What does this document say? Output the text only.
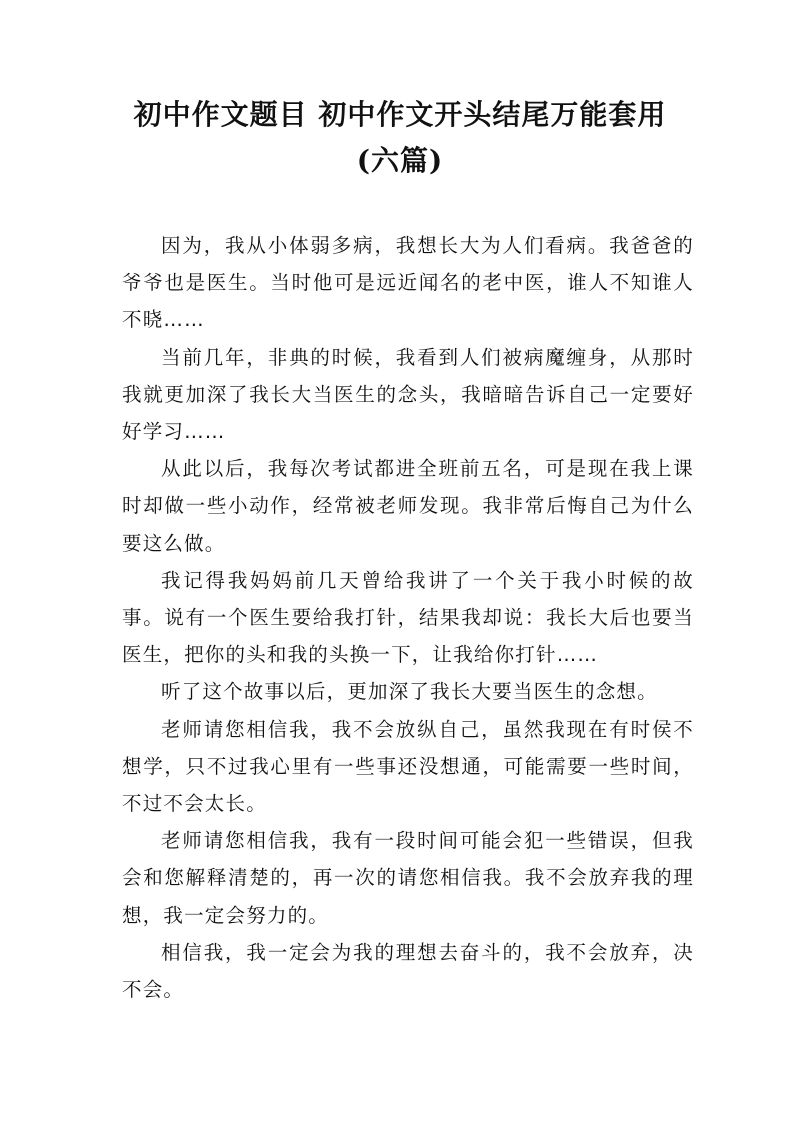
初中作文题目 初中作文开头结尾万能套用
(六篇)

因为，我从小体弱多病，我想长大为人们看病。我爸爸的爷爷也是医生。当时他可是远近闻名的老中医，谁人不知谁人不晓……

当前几年，非典的时候，我看到人们被病魔缠身，从那时我就更加深了我长大当医生的念头，我暗暗告诉自己一定要好好学习……

从此以后，我每次考试都进全班前五名，可是现在我上课时却做一些小动作，经常被老师发现。我非常后悔自己为什么要这么做。

我记得我妈妈前几天曾给我讲了一个关于我小时候的故事。说有一个医生要给我打针，结果我却说：我长大后也要当医生，把你的头和我的头换一下，让我给你打针……

听了这个故事以后，更加深了我长大要当医生的念想。

老师请您相信我，我不会放纵自己，虽然我现在有时侯不想学，只不过我心里有一些事还没想通，可能需要一些时间，不过不会太长。

老师请您相信我，我有一段时间可能会犯一些错误，但我会和您解释清楚的，再一次的请您相信我。我不会放弃我的理想，我一定会努力的。

相信我，我一定会为我的理想去奋斗的，我不会放弃，决不会。
